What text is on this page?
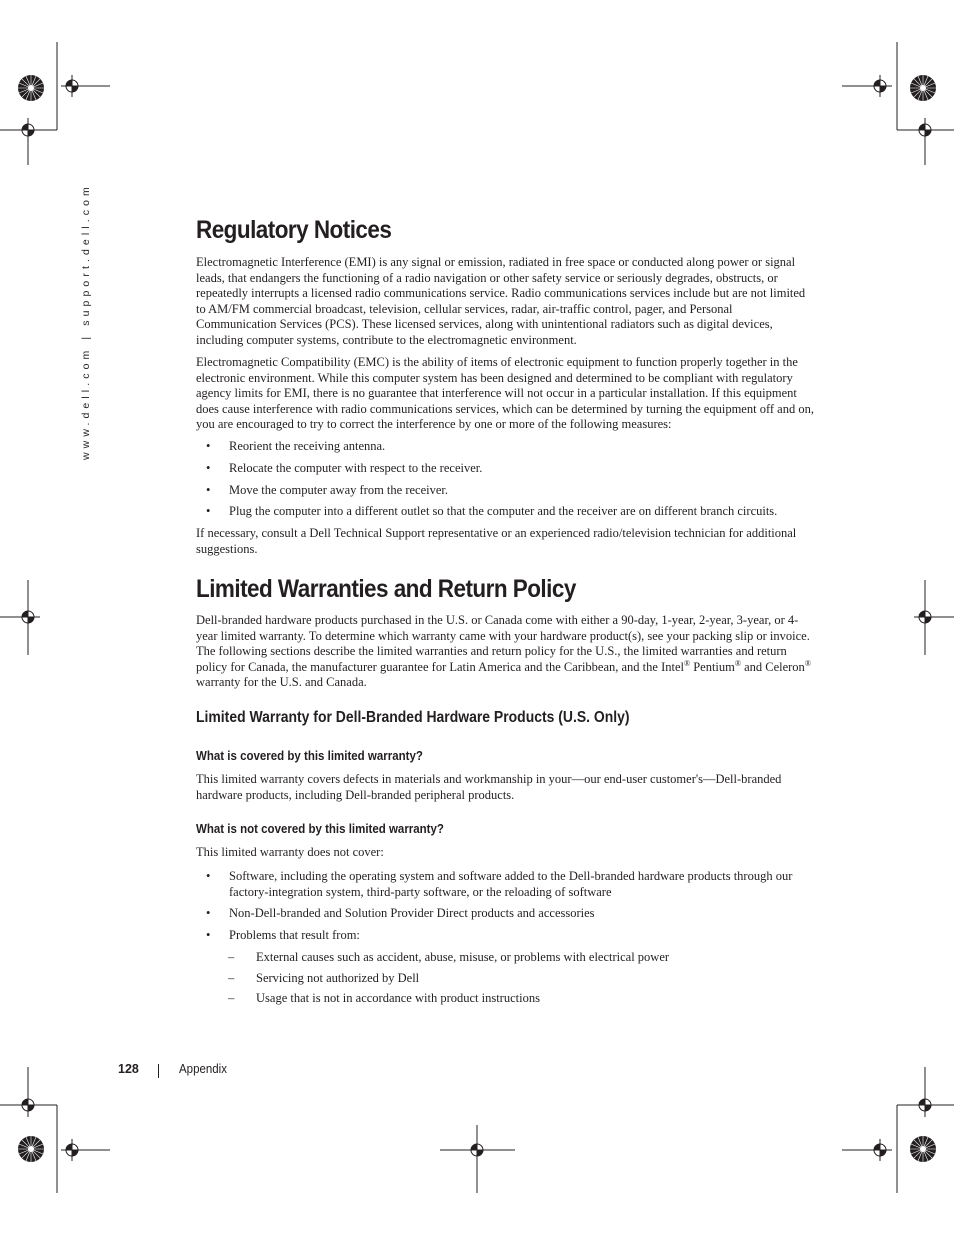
www.dell.com | support.dell.com	Regulatory Notices

Electromagnetic Interference (EMI) is any signal or emission, radiated in free space or conducted along power or signal leads, that endangers the functioning of a radio navigation or other safety service or seriously degrades, obstructs, or repeatedly interrupts a licensed radio communications service. Radio communications services include but are not limited to AM/FM commercial broadcast, television, cellular services, radar, air-traffic control, pager, and Personal Communication Services (PCS). These licensed services, along with unintentional radiators such as digital devices, including computer systems, contribute to the electromagnetic environment.

Electromagnetic Compatibility (EMC) is the ability of items of electronic equipment to function properly together in the electronic environment. While this computer system has been designed and determined to be compliant with regulatory agency limits for EMI, there is no guarantee that interference will not occur in a particular installation. If this equipment does cause interference with radio communications services, which can be determined by turning the equipment off and on, you are encouraged to try to correct the interference by one or more of the following measures:

• Reorient the receiving antenna.
• Relocate the computer with respect to the receiver.
• Move the computer away from the receiver.
• Plug the computer into a different outlet so that the computer and the receiver are on different branch circuits.

If necessary, consult a Dell Technical Support representative or an experienced radio/television technician for additional suggestions.

Limited Warranties and Return Policy

Dell-branded hardware products purchased in the U.S. or Canada come with either a 90-day, 1-year, 2-year, 3-year, or 4-year limited warranty. To determine which warranty came with your hardware product(s), see your packing slip or invoice. The following sections describe the limited warranties and return policy for the U.S., the limited warranties and return policy for Canada, the manufacturer guarantee for Latin America and the Caribbean, and the Intel® Pentium® and Celeron® warranty for the U.S. and Canada.

Limited Warranty for Dell-Branded Hardware Products (U.S. Only)
What is covered by this limited warranty?

This limited warranty covers defects in materials and workmanship in your—our end-user customer's—Dell-branded hardware products, including Dell-branded peripheral products.

What is not covered by this limited warranty?

This limited warranty does not cover:

• Software, including the operating system and software added to the Dell-branded hardware products through our factory-integration system, third-party software, or the reloading of software
• Non-Dell-branded and Solution Provider Direct products and accessories
• Problems that result from:
– External causes such as accident, abuse, misuse, or problems with electrical power
– Servicing not authorized by Dell
– Usage that is not in accordance with product instructions
128	Appendix
